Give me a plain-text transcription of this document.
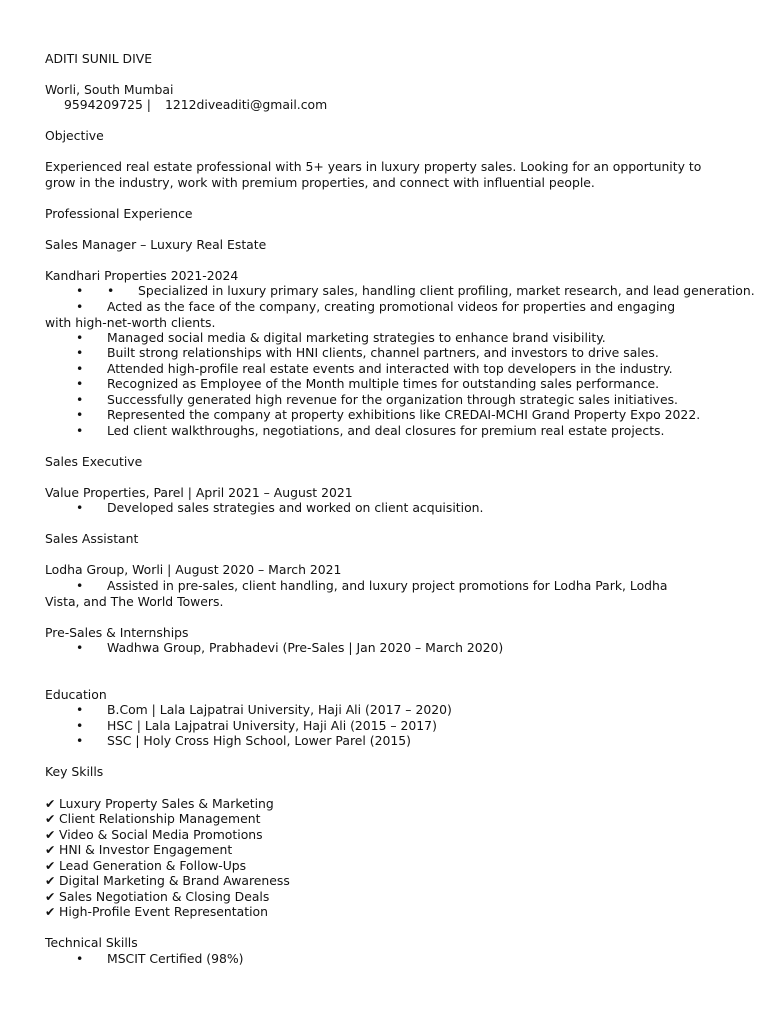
ADITI SUNIL DIVE
Worli, South Mumbai
9594209725 | 1212diveaditi@gmail.com
Objective
Experienced real estate professional with 5+ years in luxury property sales. Looking for an opportunity to grow in the industry, work with premium properties, and connect with influential people.
Professional Experience
Sales Manager – Luxury Real Estate
Kandhari Properties 2021-2024
• • Specialized in luxury primary sales, handling client profiling, market research, and lead generation.
•	Acted as the face of the company, creating promotional videos for properties and engaging with high-net-worth clients.
• Managed social media & digital marketing strategies to enhance brand visibility.
• Built strong relationships with HNI clients, channel partners, and investors to drive sales.
• Attended high-profile real estate events and interacted with top developers in the industry.
• Recognized as Employee of the Month multiple times for outstanding sales performance.
• Successfully generated high revenue for the organization through strategic sales initiatives.
• Represented the company at property exhibitions like CREDAI-MCHI Grand Property Expo 2022.
• Led client walkthroughs, negotiations, and deal closures for premium real estate projects.
Sales Executive
Value Properties, Parel | April 2021 – August 2021
• Developed sales strategies and worked on client acquisition.
Sales Assistant
Lodha Group, Worli | August 2020 – March 2021
•	Assisted in pre-sales, client handling, and luxury project promotions for Lodha Park, Lodha Vista, and The World Towers.
Pre-Sales & Internships
• Wadhwa Group, Prabhadevi (Pre-Sales | Jan 2020 – March 2020)
Education
• B.Com | Lala Lajpatrai University, Haji Ali (2017 – 2020)
• HSC | Lala Lajpatrai University, Haji Ali (2015 – 2017)
• SSC | Holy Cross High School, Lower Parel (2015)
Key Skills
✔ Luxury Property Sales & Marketing
✔ Client Relationship Management
✔ Video & Social Media Promotions
✔ HNI & Investor Engagement
✔ Lead Generation & Follow-Ups
✔ Digital Marketing & Brand Awareness
✔ Sales Negotiation & Closing Deals
✔ High-Profile Event Representation
Technical Skills
• MSCIT Certified (98%)
